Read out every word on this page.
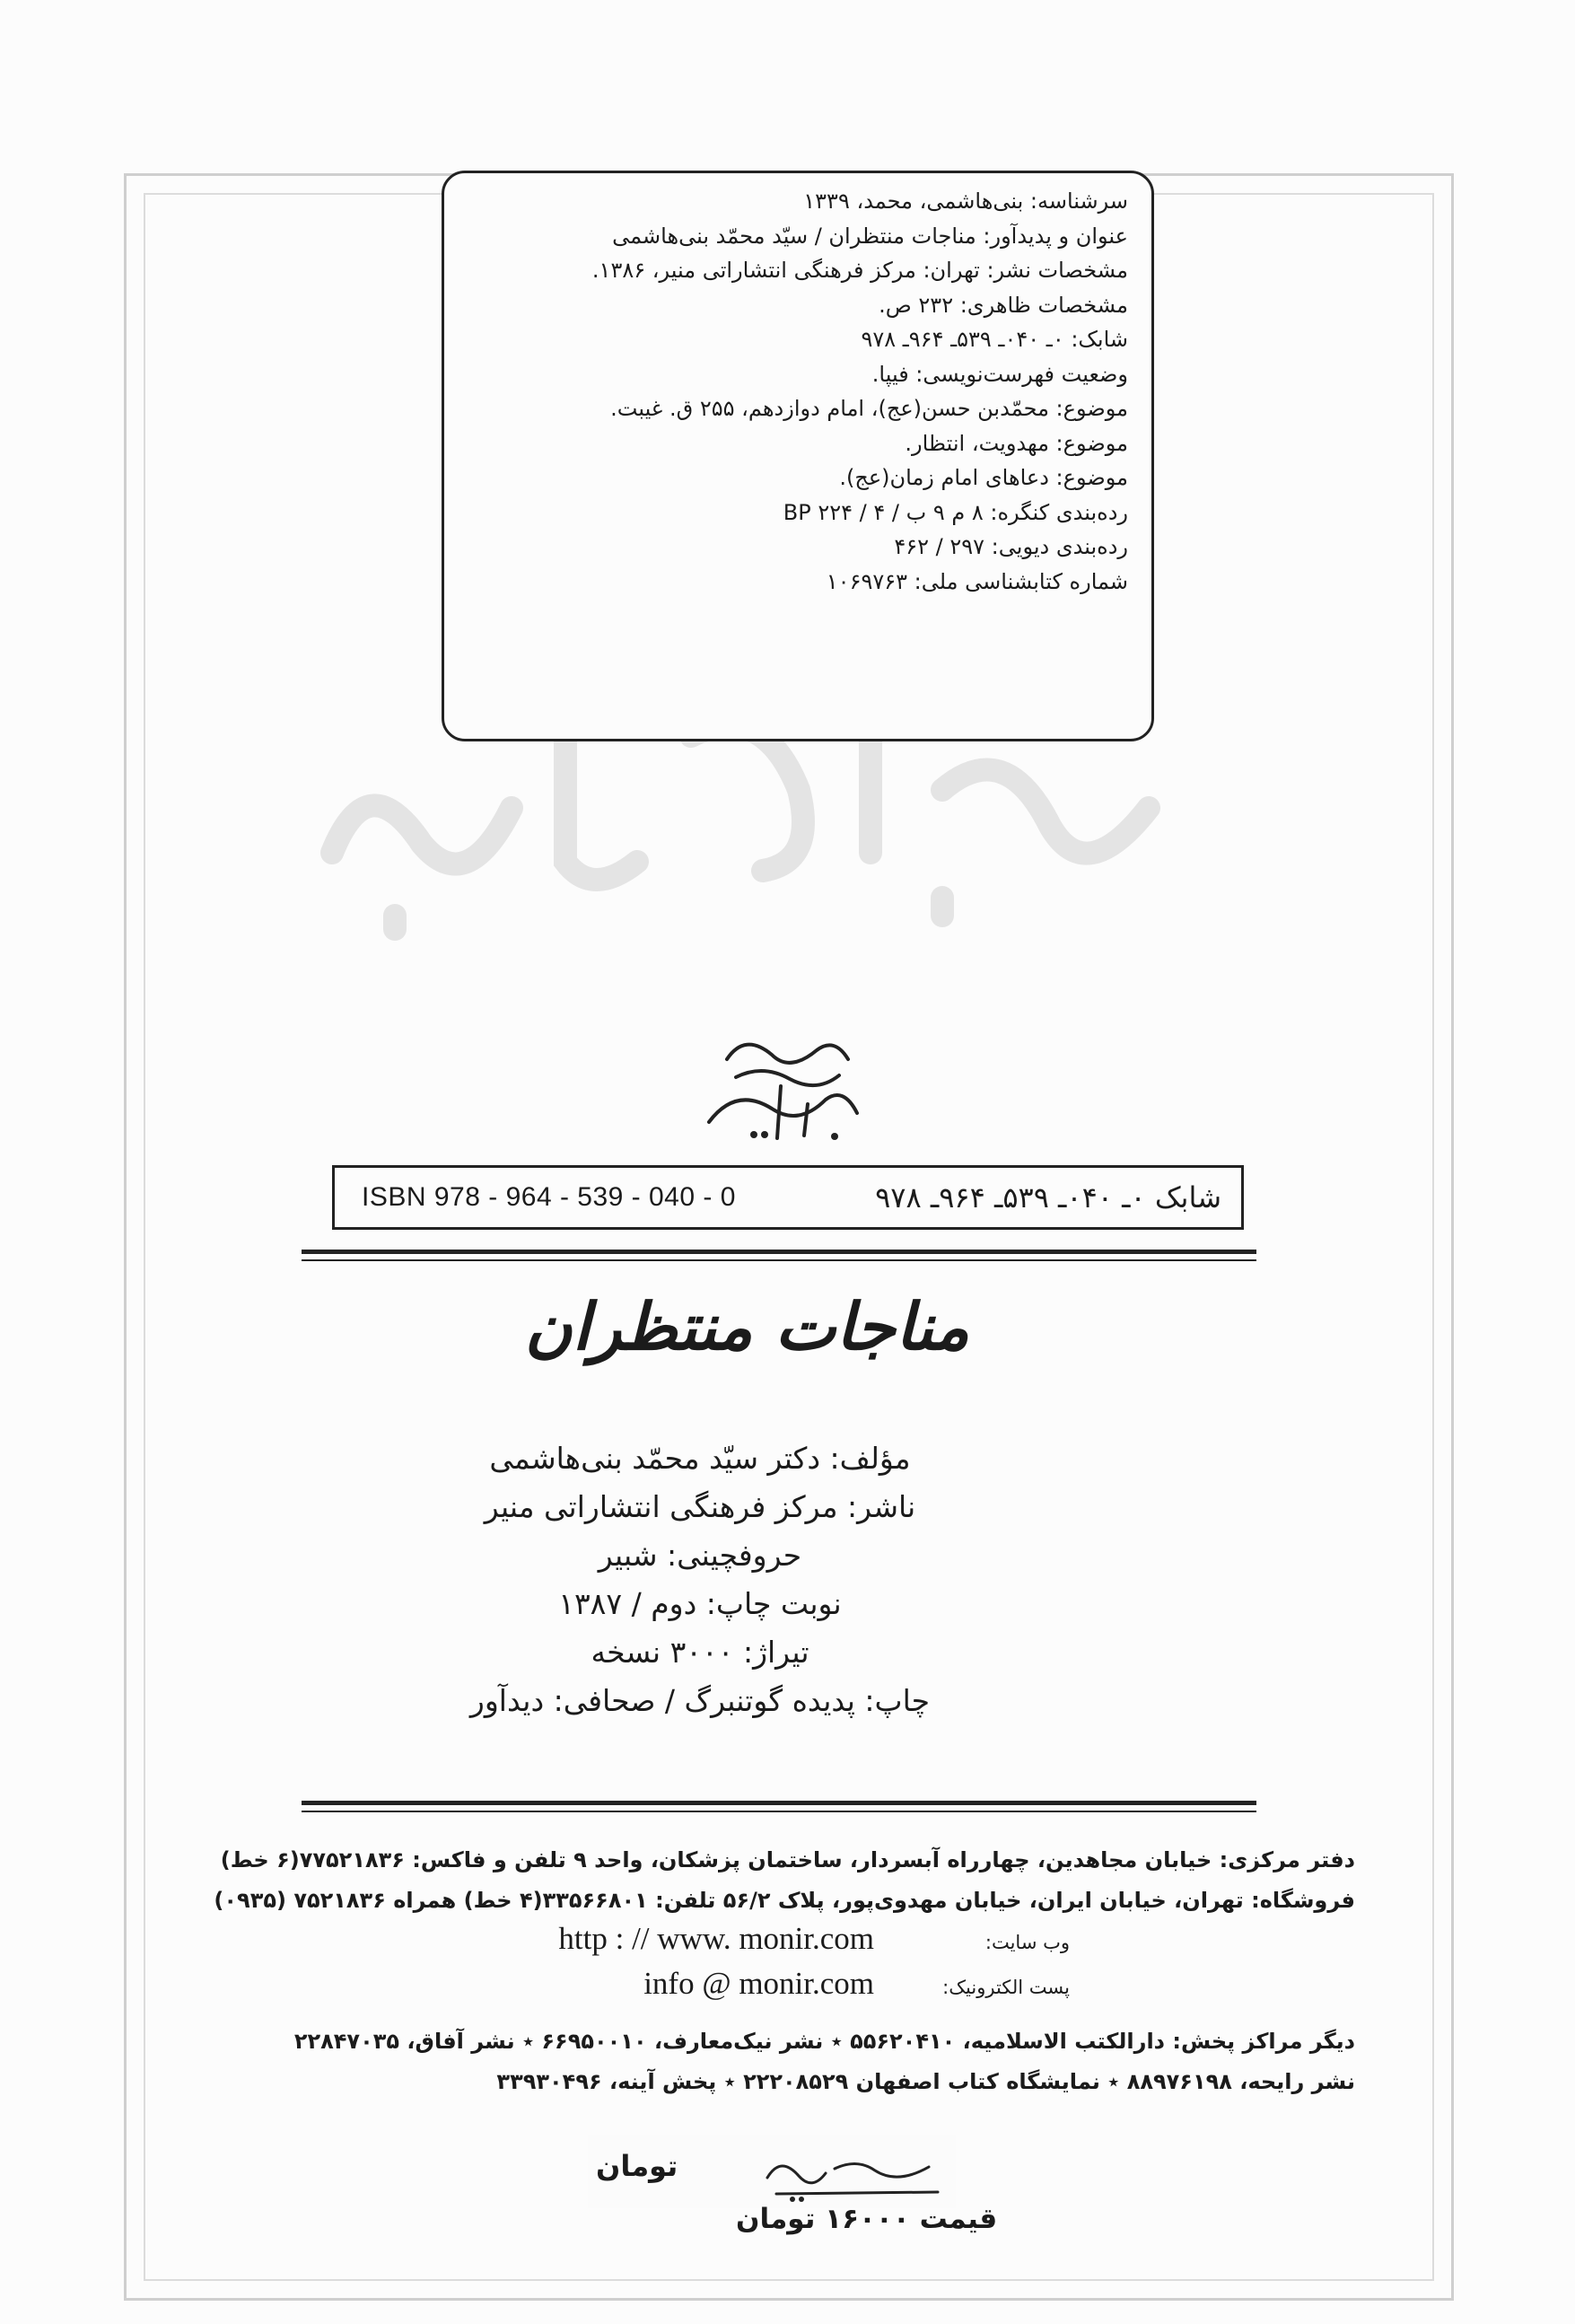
سرشناسه: بنی‌هاشمی، محمد، ۱۳۳۹
عنوان و پدیدآور: مناجات منتظران / سیّد محمّد بنی‌هاشمی
مشخصات نشر: تهران: مرکز فرهنگی انتشاراتی منیر، ۱۳۸۶.
مشخصات ظاهری: ۲۳۲ ص.
شابک: ۰ـ ۰۴۰ـ ۵۳۹ـ ۹۶۴ـ ۹۷۸
وضعیت فهرست‌نویسی: فیپا.
موضوع: محمّدبن حسن(عج)، امام دوازدهم، ۲۵۵ ق. غیبت.
موضوع: مهدویت، انتظار.
موضوع: دعاهای امام زمان(عج).
رده‌بندی کنگره: ۸ م ۹ ب / ۴ / BP ۲۲۴
رده‌بندی دیویی: ۲۹۷ / ۴۶۲
شماره کتابشناسی ملی: ۱۰۶۹۷۶۳
شابک ۰ـ ۰۴۰ـ ۵۳۹ـ ۹۶۴ـ ۹۷۸
ISBN 978 - 964 - 539 - 040 - 0
مناجات منتظران
مؤلف: دکتر سیّد محمّد بنی‌هاشمی
ناشر: مرکز فرهنگی انتشاراتی منیر
حروفچینی: شبیر
نوبت چاپ: دوم / ۱۳۸۷
تیراژ: ۳۰۰۰ نسخه
چاپ: پدیده گوتنبرگ / صحافی: دیدآور
دفتر مرکزی: خیابان مجاهدین، چهارراه آبسردار، ساختمان پزشکان، واحد ۹ تلفن و فاکس: ۷۷۵۲۱۸۳۶(۶ خط)
فروشگاه: تهران، خیابان ایران، خیابان مهدوی‌پور، پلاک ۵۶/۲ تلفن: ۳۳۵۶۶۸۰۱(۴ خط) همراه ۷۵۲۱۸۳۶ (۰۹۳۵)
وب سایت:
http : // www. monir.com
پست الکترونیک:
info @ monir.com
دیگر مراکز پخش: دارالکتب الاسلامیه، ۵۵۶۲۰۴۱۰ ٭ نشر نیک‌معارف، ۶۶۹۵۰۰۱۰ ٭ نشر آفاق، ۲۲۸۴۷۰۳۵
نشر رایحه، ۸۸۹۷۶۱۹۸ ٭ نمایشگاه کتاب اصفهان ۲۲۲۰۸۵۲۹ ٭ پخش آینه، ۳۳۹۳۰۴۹۶
تومان
قیمت ۱۶۰۰۰ تومان
